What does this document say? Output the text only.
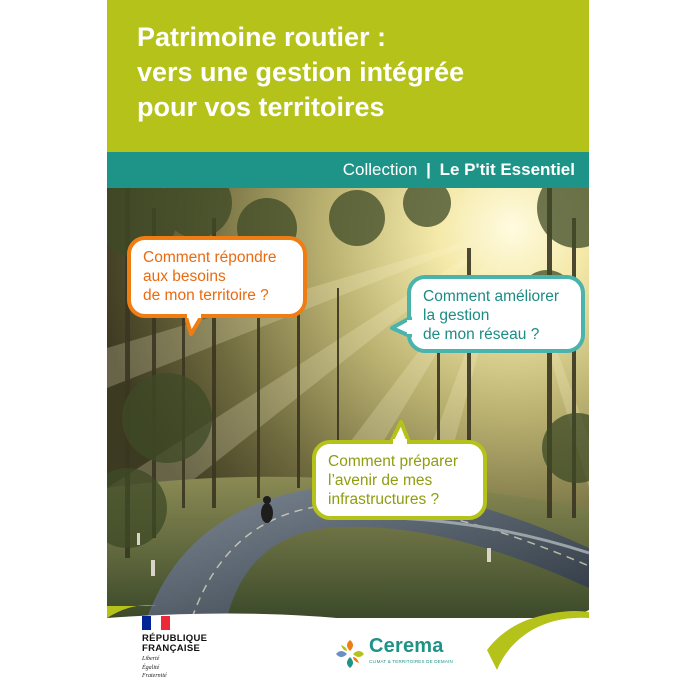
Patrimoine routier :
vers une gestion intégrée
pour vos territoires
Collection | Le P'tit Essentiel
Comment répondre
aux besoins
de mon territoire ?	Comment améliorer
la gestion
de mon réseau ?
Comment préparer
l’avenir de mes
infrastructures ?
RÉPUBLIQUE
FRANÇAISE
Liberté
Égalité
Fraternité
Cerema
CLIMAT & TERRITOIRES DE DEMAIN
